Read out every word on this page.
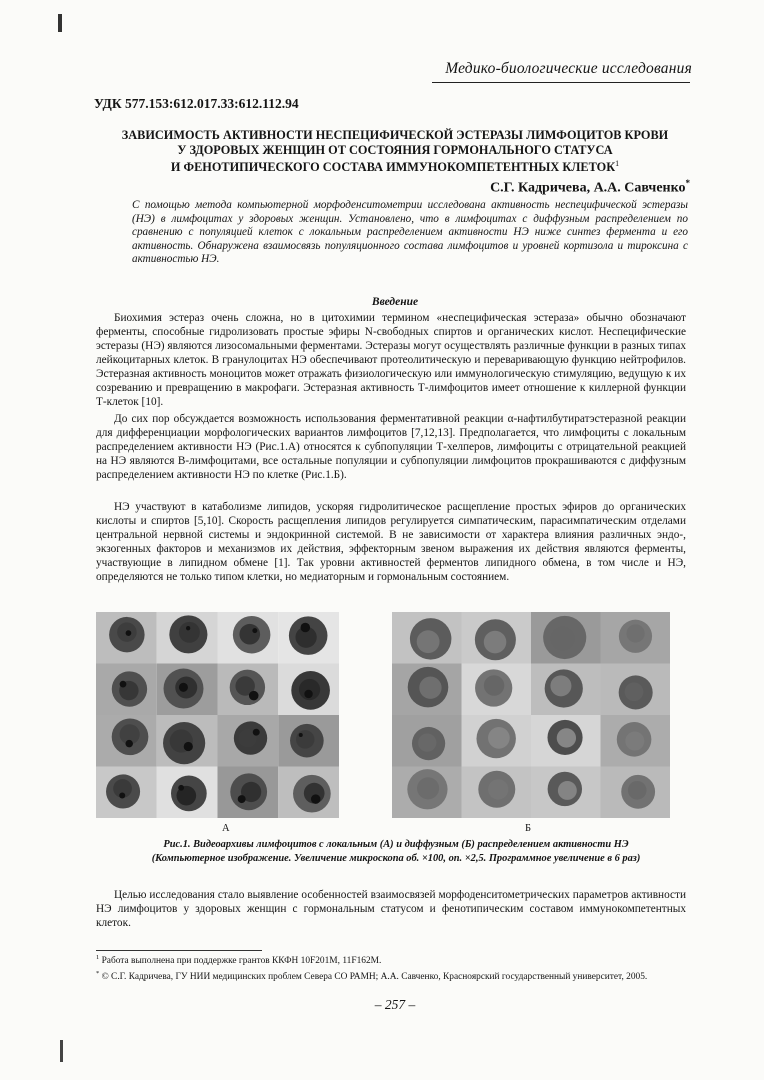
Медико-биологические исследования
УДК 577.153:612.017.33:612.112.94
ЗАВИСИМОСТЬ АКТИВНОСТИ НЕСПЕЦИФИЧЕСКОЙ ЭСТЕРАЗЫ ЛИМФОЦИТОВ КРОВИ
У ЗДОРОВЫХ ЖЕНЩИН ОТ СОСТОЯНИЯ ГОРМОНАЛЬНОГО СТАТУСА
И ФЕНОТИПИЧЕСКОГО СОСТАВА ИММУНОКОМПЕТЕНТНЫХ КЛЕТОК$^1$
С.Г. Кадричева, А.А. Савченко*
С помощью метода компьютерной морфоденситометрии исследована активность неспецифической эстеразы (НЭ) в лимфоцитах у здоровых женщин. Установлено, что в лимфоцитах с диффузным распределением по сравнению с популяцией клеток с локальным распределением активности НЭ ниже синтез фермента и его активность. Обнаружена взаимосвязь популяционного состава лимфоцитов и уровней кортизола и тироксина с активностью НЭ.
Введение
Биохимия эстераз очень сложна, но в цитохимии термином «неспецифическая эстераза» обычно обозначают ферменты, способные гидролизовать простые эфиры N-свободных спиртов и органических кислот. Неспецифические эстеразы (НЭ) являются лизосомальными ферментами. Эстеразы могут осуществлять различные функции в разных типах лейкоцитарных клеток. В гранулоцитах НЭ обеспечивают протеолитическую и переваривающую функцию нейтрофилов. Эстеразная активность моноцитов может отражать физиологическую или иммунологическую стимуляцию, ведущую к их созреванию и превращению в макрофаги. Эстеразная активность Т-лимфоцитов имеет отношение к киллерной функции Т-клеток [10].
До сих пор обсуждается возможность использования ферментативной реакции α-нафтилбутиратэстеразной реакции для дифференциации морфологических вариантов лимфоцитов [7,12,13]. Предполагается, что лимфоциты с локальным распределением активности НЭ (Рис.1.А) относятся к субпопуляции Т-хелперов, лимфоциты с отрицательной реакцией на НЭ являются В-лимфоцитами, все остальные популяции и субпопуляции лимфоцитов прокрашиваются с диффузным распределением активности НЭ по клетке (Рис.1.Б).
НЭ участвуют в катаболизме липидов, ускоряя гидролитическое расщепление простых эфиров до органических кислоты и спиртов [5,10]. Скорость расщепления липидов регулируется симпатическим, парасимпатическим отделами центральной нервной системы и эндокринной системой. В не зависимости от характера влияния различных эндо-, экзогенных факторов и механизмов их действия, эффекторным звеном выражения их действия являются ферменты, участвующие в липидном обмене [1]. Так уровни активностей ферментов липидного обмена, в том числе и НЭ, определяются не только типом клетки, но медиаторным и гормональным состоянием.
А	Б
Рис.1. Видеоархивы лимфоцитов с локальным (А) и диффузным (Б) распределением активности НЭ
(Компьютерное изображение. Увеличение микроскопа об. ×100, оп. ×2,5. Программное увеличение в 6 раз)
Целью исследования стало выявление особенностей взаимосвязей морфоденситометрических параметров активности НЭ лимфоцитов у здоровых женщин с гормональным статусом и фенотипическим составом иммунокомпетентных клеток.
$^1$ Работа выполнена при поддержке грантов ККФН 10F201M, 11F162M.
* © С.Г. Кадричева, ГУ НИИ медицинских проблем Севера СО РАМН; А.А. Савченко, Красноярский государственный университет, 2005.
– 257 –
